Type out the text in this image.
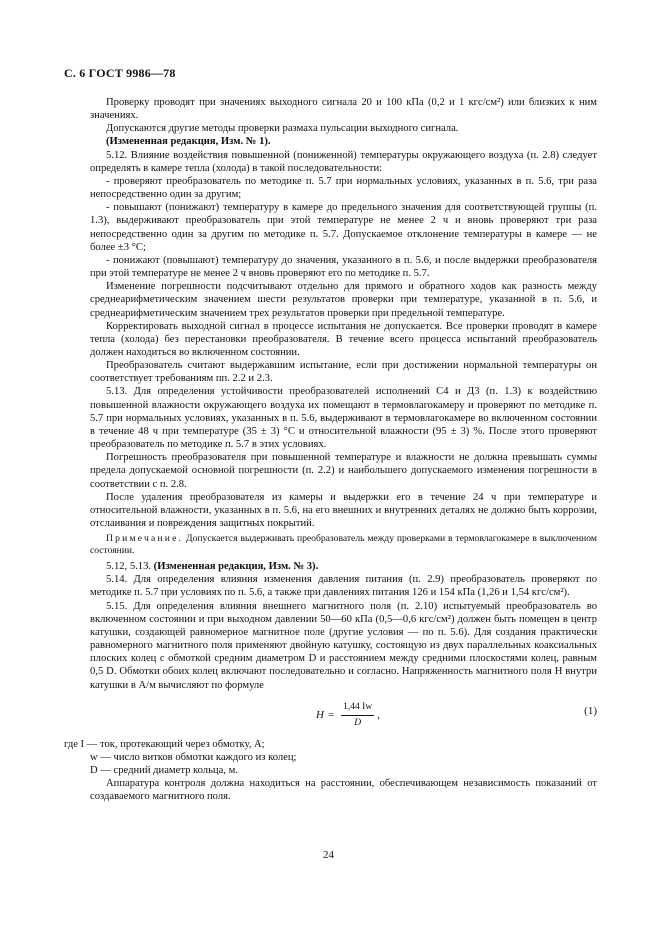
С. 6 ГОСТ 9986—78

Проверку проводят при значениях выходного сигнала 20 и 100 кПа (0,2 и 1 кгс/см²) или близких к ним значениях.

Допускаются другие методы проверки размаха пульсации выходного сигнала.

(Измененная редакция, Изм. № 1).

5.12. Влияние воздействия повышенной (пониженной) температуры окружающего воздуха (п. 2.8) следует определять в камере тепла (холода) в такой последовательности:

- проверяют преобразователь по методике п. 5.7 при нормальных условиях, указанных в п. 5.6, три раза непосредственно один за другим;

- повышают (понижают) температуру в камере до предельного значения для соответствующей группы (п. 1.3), выдерживают преобразователь при этой температуре не менее 2 ч и вновь проверяют три раза непосредственно один за другим по методике п. 5.7. Допускаемое отклонение температуры в камере — не более ±3 °С;

- понижают (повышают) температуру до значения, указанного в п. 5.6, и после выдержки преобразователя при этой температуре не менее 2 ч вновь проверяют его по методике п. 5.7.

Изменение погрешности подсчитывают отдельно для прямого и обратного ходов как разность между среднеарифметическим значением шести результатов проверки при температуре, указанной в п. 5.6, и среднеарифметическим значением трех результатов проверки при предельной температуре.

Корректировать выходной сигнал в процессе испытания не допускается. Все проверки проводят в камере тепла (холода) без перестановки преобразователя. В течение всего процесса испытаний преобразователь должен находиться во включенном состоянии.

Преобразователь считают выдержавшим испытание, если при достижении нормальной температуры он соответствует требованиям пп. 2.2 и 2.3.

5.13. Для определения устойчивости преобразователей исполнений С4 и Д3 (п. 1.3) к воздействию повышенной влажности окружающего воздуха их помещают в термовлагокамеру и проверяют по методике п. 5.7 при нормальных условиях, указанных в п. 5.6, выдерживают в термовлагокамере во включенном состоянии в течение 48 ч при температуре (35 ± 3) °С и относительной влажности (95 ± 3) %. После этого проверяют преобразователь по методике п. 5.7 в этих условиях.

Погрешность преобразователя при повышенной температуре и влажности не должна превышать суммы предела допускаемой основной погрешности (п. 2.2) и наибольшего допускаемого изменения погрешности в соответствии с п. 2.8.

После удаления преобразователя из камеры и выдержки его в течение 24 ч при температуре и относительной влажности, указанных в п. 5.6, на его внешних и внутренних деталях не должно быть коррозии, отслаивания и повреждения защитных покрытий.

Примечание. Допускается выдерживать преобразователь между проверками в термовлагокамере в выключенном состоянии.

5.12, 5.13. (Измененная редакция, Изм. № 3).

5.14. Для определения влияния изменения давления питания (п. 2.9) преобразователь проверяют по методике п. 5.7 при условиях по п. 5.6, а также при давлениях питания 126 и 154 кПа (1,26 и 1,54 кгс/см²).

5.15. Для определения влияния внешнего магнитного поля (п. 2.10) испытуемый преобразователь во включенном состоянии и при выходном давлении 50—60 кПа (0,5—0,6 кгс/см²) должен быть помещен в центр катушки, создающей равномерное магнитное поле (другие условия — по п. 5.6). Для создания практически равномерного магнитного поля применяют двойную катушку, состоящую из двух параллельных коаксиальных плоских колец с обмоткой средним диаметром D и расстоянием между средними плоскостями колец, равным 0,5 D. Обмотки обоих колец включают последовательно и согласно. Напряженность магнитного поля H внутри катушки в А/м вычисляют по формуле

$H = \frac{1,44 Iw}{D}$ ,	(1)

где I — ток, протекающий через обмотку, А;

w — число витков обмотки каждого из колец;

D — средний диаметр кольца, м.

Аппаратура контроля должна находиться на расстоянии, обеспечивающем независимость показаний от создаваемого магнитного поля.

24
